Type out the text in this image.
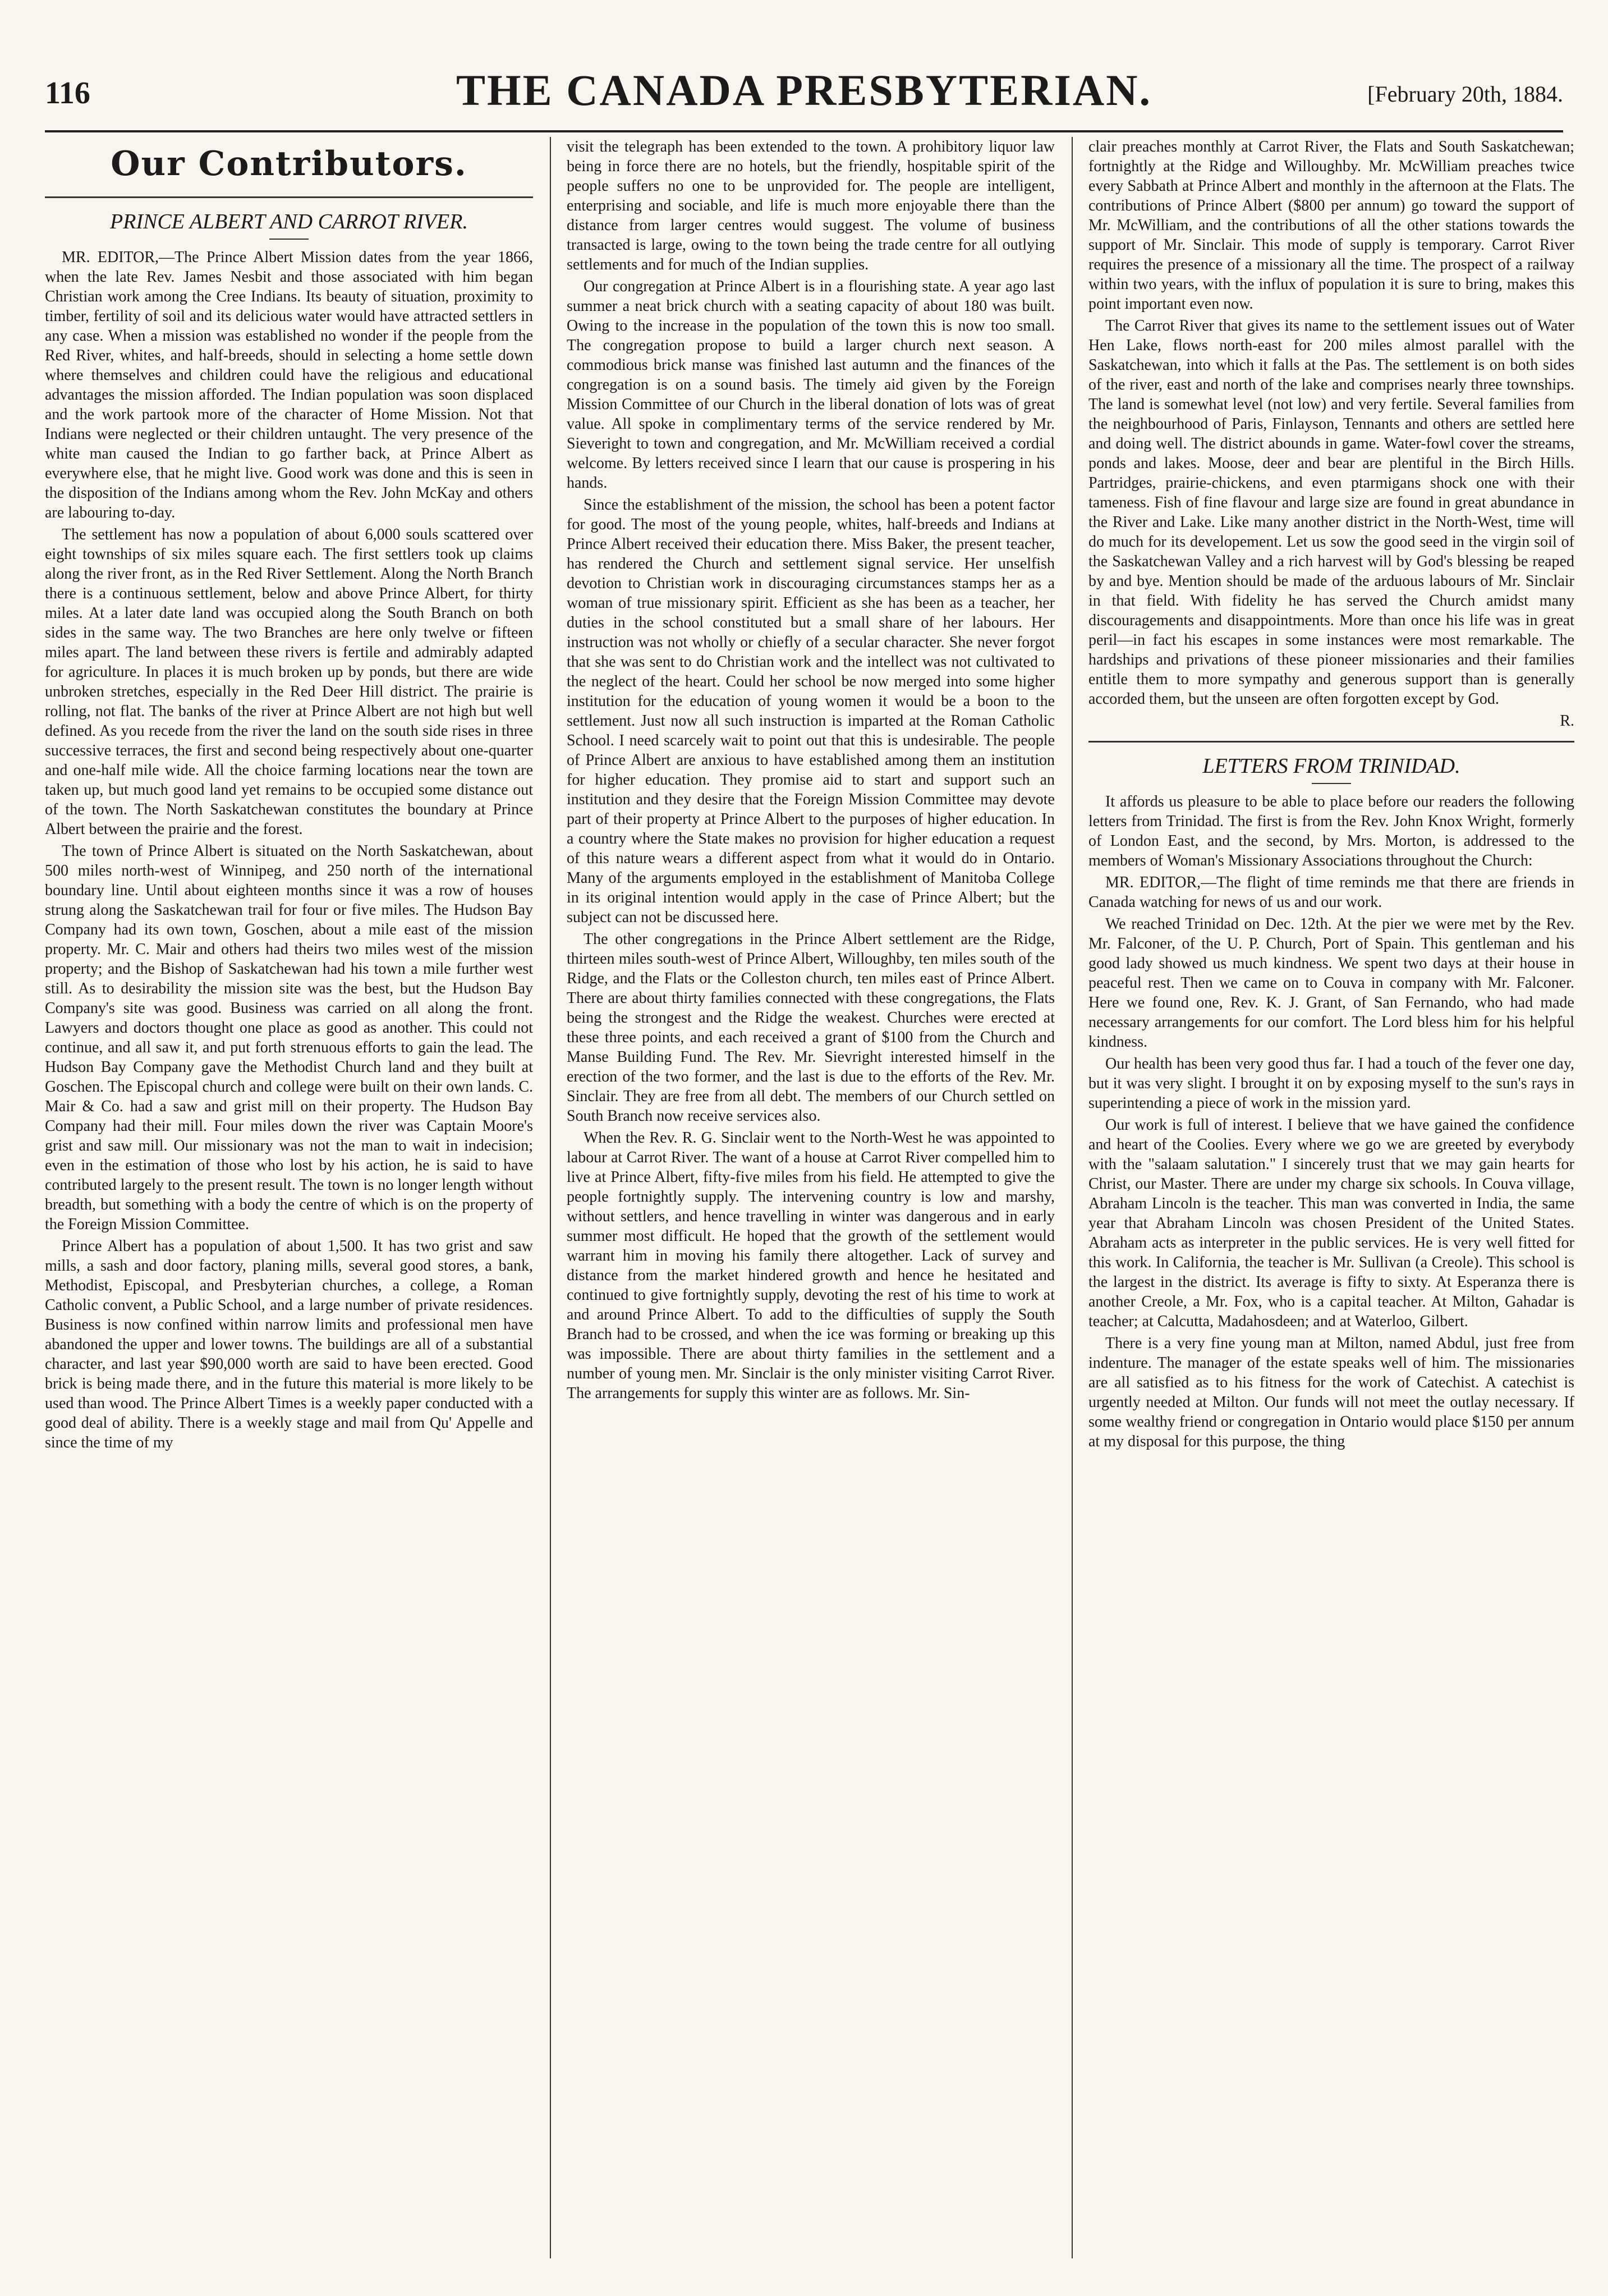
116	THE CANADA PRESBYTERIAN.	[February 20th, 1884.
Our Contributors.
PRINCE ALBERT AND CARROT RIVER.

MR. EDITOR,—The Prince Albert Mission dates from the year 1866, when the late Rev. James Nesbit and those associated with him began Christian work among the Cree Indians. Its beauty of situation, proximity to timber, fertility of soil and its delicious water would have attracted settlers in any case. When a mission was established no wonder if the people from the Red River, whites, and half-breeds, should in selecting a home settle down where themselves and children could have the religious and educational advantages the mission afforded. The Indian population was soon displaced and the work partook more of the character of Home Mission. Not that Indians were neglected or their children untaught. The very presence of the white man caused the Indian to go farther back, at Prince Albert as everywhere else, that he might live. Good work was done and this is seen in the disposition of the Indians among whom the Rev. John McKay and others are labouring to-day.

The settlement has now a population of about 6,000 souls scattered over eight townships of six miles square each. The first settlers took up claims along the river front, as in the Red River Settlement. Along the North Branch there is a continuous settlement, below and above Prince Albert, for thirty miles. At a later date land was occupied along the South Branch on both sides in the same way. The two Branches are here only twelve or fifteen miles apart. The land between these rivers is fertile and admirably adapted for agriculture. In places it is much broken up by ponds, but there are wide unbroken stretches, especially in the Red Deer Hill district. The prairie is rolling, not flat. The banks of the river at Prince Albert are not high but well defined. As you recede from the river the land on the south side rises in three successive terraces, the first and second being respectively about one-quarter and one-half mile wide. All the choice farming locations near the town are taken up, but much good land yet remains to be occupied some distance out of the town. The North Saskatchewan constitutes the boundary at Prince Albert between the prairie and the forest.

The town of Prince Albert is situated on the North Saskatchewan, about 500 miles north-west of Winnipeg, and 250 north of the international boundary line. Until about eighteen months since it was a row of houses strung along the Saskatchewan trail for four or five miles. The Hudson Bay Company had its own town, Goschen, about a mile east of the mission property. Mr. C. Mair and others had theirs two miles west of the mission property; and the Bishop of Saskatchewan had his town a mile further west still. As to desirability the mission site was the best, but the Hudson Bay Company's site was good. Business was carried on all along the front. Lawyers and doctors thought one place as good as another. This could not continue, and all saw it, and put forth strenuous efforts to gain the lead. The Hudson Bay Company gave the Methodist Church land and they built at Goschen. The Episcopal church and college were built on their own lands. C. Mair & Co. had a saw and grist mill on their property. The Hudson Bay Company had their mill. Four miles down the river was Captain Moore's grist and saw mill. Our missionary was not the man to wait in indecision; even in the estimation of those who lost by his action, he is said to have contributed largely to the present result. The town is no longer length without breadth, but something with a body the centre of which is on the property of the Foreign Mission Committee.

Prince Albert has a population of about 1,500. It has two grist and saw mills, a sash and door factory, planing mills, several good stores, a bank, Methodist, Episcopal, and Presbyterian churches, a college, a Roman Catholic convent, a Public School, and a large number of private residences. Business is now confined within narrow limits and professional men have abandoned the upper and lower towns. The buildings are all of a substantial character, and last year $90,000 worth are said to have been erected. Good brick is being made there, and in the future this material is more likely to be used than wood. The Prince Albert Times is a weekly paper conducted with a good deal of ability. There is a weekly stage and mail from Qu' Appelle and since the time of my

visit the telegraph has been extended to the town. A prohibitory liquor law being in force there are no hotels, but the friendly, hospitable spirit of the people suffers no one to be unprovided for. The people are intelligent, enterprising and sociable, and life is much more enjoyable there than the distance from larger centres would suggest. The volume of business transacted is large, owing to the town being the trade centre for all outlying settlements and for much of the Indian supplies.

Our congregation at Prince Albert is in a flourishing state. A year ago last summer a neat brick church with a seating capacity of about 180 was built. Owing to the increase in the population of the town this is now too small. The congregation propose to build a larger church next season. A commodious brick manse was finished last autumn and the finances of the congregation is on a sound basis. The timely aid given by the Foreign Mission Committee of our Church in the liberal donation of lots was of great value. All spoke in complimentary terms of the service rendered by Mr. Sieveright to town and congregation, and Mr. McWilliam received a cordial welcome. By letters received since I learn that our cause is prospering in his hands.

Since the establishment of the mission, the school has been a potent factor for good. The most of the young people, whites, half-breeds and Indians at Prince Albert received their education there. Miss Baker, the present teacher, has rendered the Church and settlement signal service. Her unselfish devotion to Christian work in discouraging circumstances stamps her as a woman of true missionary spirit. Efficient as she has been as a teacher, her duties in the school constituted but a small share of her labours. Her instruction was not wholly or chiefly of a secular character. She never forgot that she was sent to do Christian work and the intellect was not cultivated to the neglect of the heart. Could her school be now merged into some higher institution for the education of young women it would be a boon to the settlement. Just now all such instruction is imparted at the Roman Catholic School. I need scarcely wait to point out that this is undesirable. The people of Prince Albert are anxious to have established among them an institution for higher education. They promise aid to start and support such an institution and they desire that the Foreign Mission Committee may devote part of their property at Prince Albert to the purposes of higher education. In a country where the State makes no provision for higher education a request of this nature wears a different aspect from what it would do in Ontario. Many of the arguments employed in the establishment of Manitoba College in its original intention would apply in the case of Prince Albert; but the subject can not be discussed here.

The other congregations in the Prince Albert settlement are the Ridge, thirteen miles south-west of Prince Albert, Willoughby, ten miles south of the Ridge, and the Flats or the Colleston church, ten miles east of Prince Albert. There are about thirty families connected with these congregations, the Flats being the strongest and the Ridge the weakest. Churches were erected at these three points, and each received a grant of $100 from the Church and Manse Building Fund. The Rev. Mr. Sievright interested himself in the erection of the two former, and the last is due to the efforts of the Rev. Mr. Sinclair. They are free from all debt. The members of our Church settled on South Branch now receive services also.

When the Rev. R. G. Sinclair went to the North-West he was appointed to labour at Carrot River. The want of a house at Carrot River compelled him to live at Prince Albert, fifty-five miles from his field. He attempted to give the people fortnightly supply. The intervening country is low and marshy, without settlers, and hence travelling in winter was dangerous and in early summer most difficult. He hoped that the growth of the settlement would warrant him in moving his family there altogether. Lack of survey and distance from the market hindered growth and hence he hesitated and continued to give fortnightly supply, devoting the rest of his time to work at and around Prince Albert. To add to the difficulties of supply the South Branch had to be crossed, and when the ice was forming or breaking up this was impossible. There are about thirty families in the settlement and a number of young men. Mr. Sinclair is the only minister visiting Carrot River. The arrangements for supply this winter are as follows. Mr. Sin-

clair preaches monthly at Carrot River, the Flats and South Saskatchewan; fortnightly at the Ridge and Willoughby. Mr. McWilliam preaches twice every Sabbath at Prince Albert and monthly in the afternoon at the Flats. The contributions of Prince Albert ($800 per annum) go toward the support of Mr. McWilliam, and the contributions of all the other stations towards the support of Mr. Sinclair. This mode of supply is temporary. Carrot River requires the presence of a missionary all the time. The prospect of a railway within two years, with the influx of population it is sure to bring, makes this point important even now.

The Carrot River that gives its name to the settlement issues out of Water Hen Lake, flows north-east for 200 miles almost parallel with the Saskatchewan, into which it falls at the Pas. The settlement is on both sides of the river, east and north of the lake and comprises nearly three townships. The land is somewhat level (not low) and very fertile. Several families from the neighbourhood of Paris, Finlayson, Tennants and others are settled here and doing well. The district abounds in game. Water-fowl cover the streams, ponds and lakes. Moose, deer and bear are plentiful in the Birch Hills. Partridges, prairie-chickens, and even ptarmigans shock one with their tameness. Fish of fine flavour and large size are found in great abundance in the River and Lake. Like many another district in the North-West, time will do much for its developement. Let us sow the good seed in the virgin soil of the Saskatchewan Valley and a rich harvest will by God's blessing be reaped by and bye. Mention should be made of the arduous labours of Mr. Sinclair in that field. With fidelity he has served the Church amidst many discouragements and disappointments. More than once his life was in great peril—in fact his escapes in some instances were most remarkable. The hardships and privations of these pioneer missionaries and their families entitle them to more sympathy and generous support than is generally accorded them, but the unseen are often forgotten except by God.

R.

LETTERS FROM TRINIDAD.

It affords us pleasure to be able to place before our readers the following letters from Trinidad. The first is from the Rev. John Knox Wright, formerly of London East, and the second, by Mrs. Morton, is addressed to the members of Woman's Missionary Associations throughout the Church:

MR. EDITOR,—The flight of time reminds me that there are friends in Canada watching for news of us and our work.

We reached Trinidad on Dec. 12th. At the pier we were met by the Rev. Mr. Falconer, of the U. P. Church, Port of Spain. This gentleman and his good lady showed us much kindness. We spent two days at their house in peaceful rest. Then we came on to Couva in company with Mr. Falconer. Here we found one, Rev. K. J. Grant, of San Fernando, who had made necessary arrangements for our comfort. The Lord bless him for his helpful kindness.

Our health has been very good thus far. I had a touch of the fever one day, but it was very slight. I brought it on by exposing myself to the sun's rays in superintending a piece of work in the mission yard.

Our work is full of interest. I believe that we have gained the confidence and heart of the Coolies. Every where we go we are greeted by everybody with the "salaam salutation." I sincerely trust that we may gain hearts for Christ, our Master. There are under my charge six schools. In Couva village, Abraham Lincoln is the teacher. This man was converted in India, the same year that Abraham Lincoln was chosen President of the United States. Abraham acts as interpreter in the public services. He is very well fitted for this work. In California, the teacher is Mr. Sullivan (a Creole). This school is the largest in the district. Its average is fifty to sixty. At Esperanza there is another Creole, a Mr. Fox, who is a capital teacher. At Milton, Gahadar is teacher; at Calcutta, Madahosdeen; and at Waterloo, Gilbert.

There is a very fine young man at Milton, named Abdul, just free from indenture. The manager of the estate speaks well of him. The missionaries are all satisfied as to his fitness for the work of Catechist. A catechist is urgently needed at Milton. Our funds will not meet the outlay necessary. If some wealthy friend or congregation in Ontario would place $150 per annum at my disposal for this purpose, the thing
